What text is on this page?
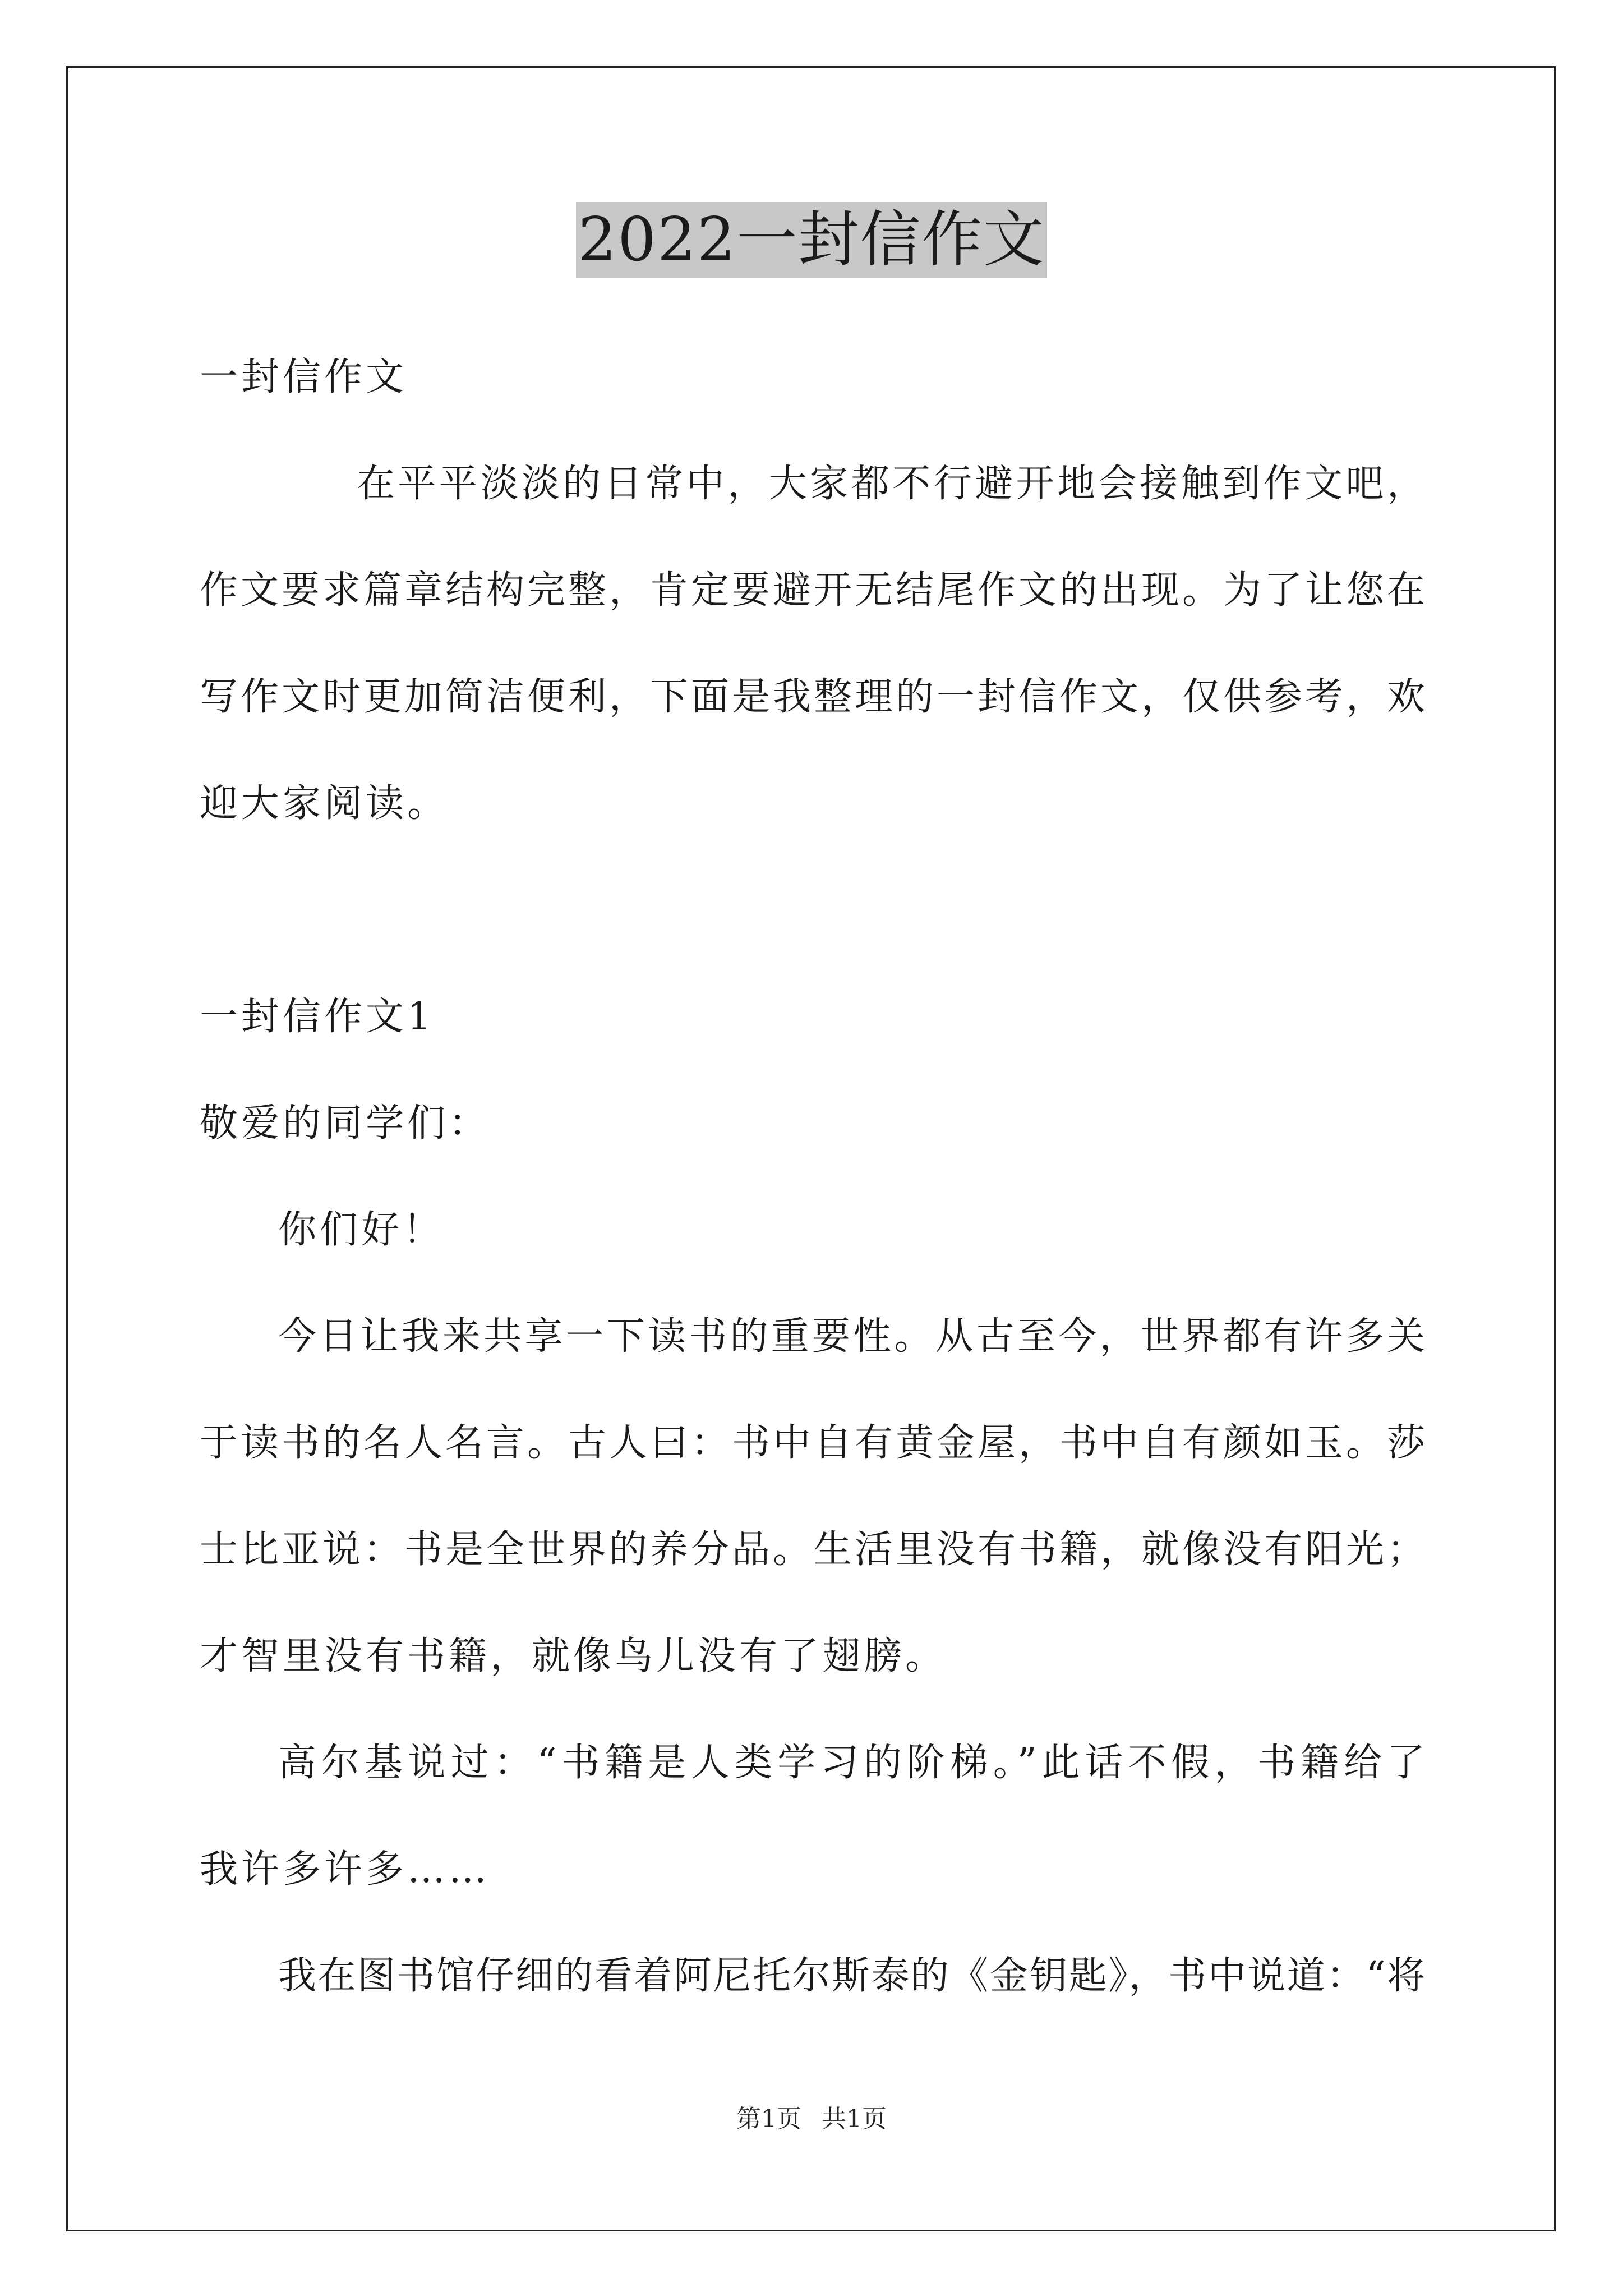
2022一封信作文
一封信作文
在平平淡淡的日常中，大家都不行避开地会接触到作文吧，
作文要求篇章结构完整，肯定要避开无结尾作文的出现。为了让您在
写作文时更加简洁便利，下面是我整理的一封信作文，仅供参考，欢
迎大家阅读。
一封信作文1
敬爱的同学们：
你们好！
今日让我来共享一下读书的重要性。从古至今，世界都有许多关
于读书的名人名言。古人曰：书中自有黄金屋，书中自有颜如玉。莎
士比亚说：书是全世界的养分品。生活里没有书籍，就像没有阳光；
才智里没有书籍，就像鸟儿没有了翅膀。
高尔基说过：“书籍是人类学习的阶梯。”此话不假，书籍给了
我许多许多……
我在图书馆仔细的看着阿尼托尔斯泰的《金钥匙》，书中说道：“将
第1页 共1页
